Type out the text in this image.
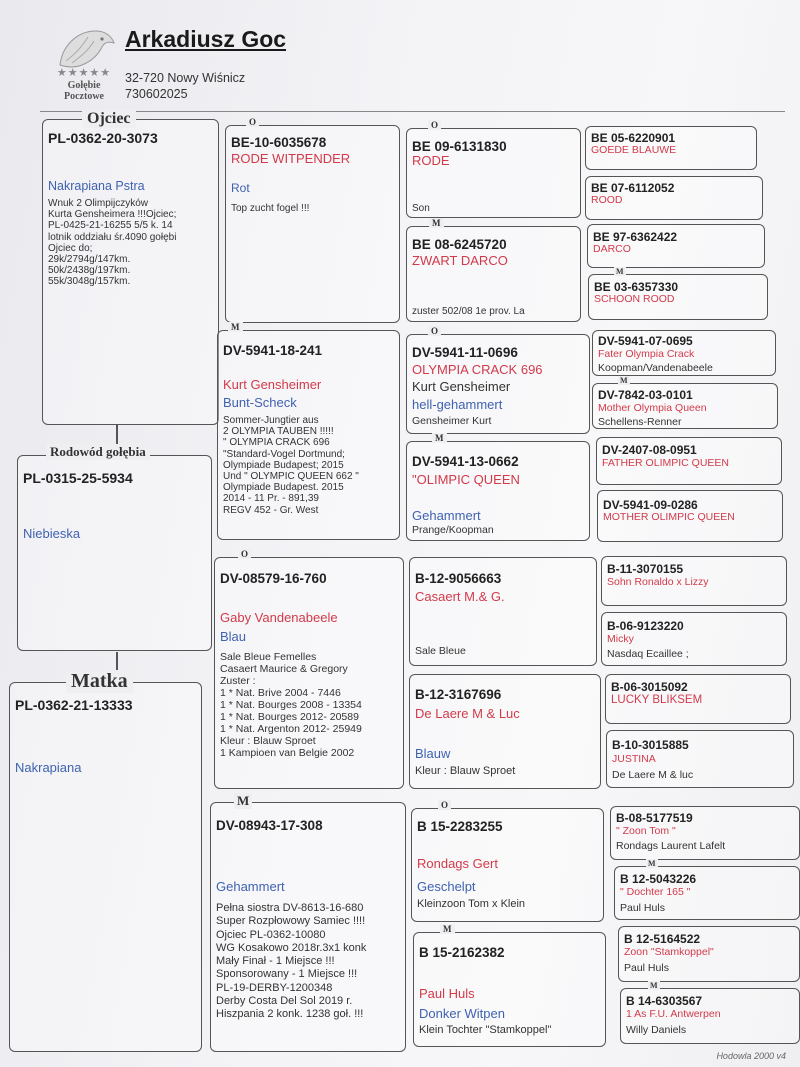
★★★★★
Gołębie
Pocztowe
Arkadiusz Goc
32-720 Nowy Wiśnicz
730602025
PL-0362-20-3073
Nakrapiana Pstra
Wnuk 2 Olimpijczyków
Kurta Gensheimera !!!Ojciec;
PL-0425-21-16255 5/5 k. 14
lotnik oddziału śr.4090 gołębi
Ojciec do;
29k/2794g/147km.
50k/2438g/197km.
55k/3048g/157km.
Ojciec
PL-0315-25-5934
Niebieska
Rodowód gołębia
PL-0362-21-13333
Nakrapiana
Matka
BE-10-6035678
RODE WITPENDER
Rot
Top zucht fogel !!!
O
DV-5941-18-241
Kurt Gensheimer
Bunt-Scheck
Sommer-Jungtier aus
2 OLYMPIA TAUBEN !!!!!
" OLYMPIA CRACK 696
"Standard-Vogel Dortmund;
Olympiade Budapest; 2015
Und " OLYMPIC QUEEN 662 "
Olympiade Budapest. 2015
2014 - 11 Pr. - 891,39
REGV 452 - Gr. West
M
DV-08579-16-760
Gaby Vandenabeele
Blau
Sale Bleue Femelles
Casaert Maurice & Gregory
Zuster :
1 * Nat. Brive 2004 - 7446
1 * Nat. Bourges 2008 - 13354
1 * Nat. Bourges 2012- 20589
1 * Nat. Argenton 2012- 25949
Kleur : Blauw Sproet
1 Kampioen van Belgie 2002
O
DV-08943-17-308
Gehammert
Pełna siostra DV-8613-16-680
Super Rozpłowowy Samiec !!!!
Ojciec PL-0362-10080
WG Kosakowo 2018r.3x1 konk
Mały Finał - 1 Miejsce !!!
Sponsorowany - 1 Miejsce !!!
PL-19-DERBY-1200348
Derby Costa Del Sol 2019 r.
Hiszpania 2 konk. 1238 goł. !!!
M
BE 09-6131830
RODE
Son
O
BE 08-6245720
ZWART DARCO
zuster 502/08 1e prov. La
M
DV-5941-11-0696
OLYMPIA CRACK 696
Kurt Gensheimer
hell-gehammert
Gensheimer Kurt
O
DV-5941-13-0662
"OLIMPIC QUEEN
Gehammert
Prange/Koopman
M
B-12-9056663
Casaert M.& G.
Sale Bleue
B-12-3167696
De Laere M & Luc
Blauw
Kleur : Blauw Sproet
B 15-2283255
Rondags Gert
Geschelpt
Kleinzoon Tom x Klein
O
B 15-2162382
Paul Huls
Donker Witpen
Klein Tochter "Stamkoppel"
M
BE 05-6220901
GOEDE BLAUWE
BE 07-6112052
ROOD
BE 97-6362422
DARCO
BE 03-6357330
SCHOON ROOD
M
DV-5941-07-0695
Fater Olympia Crack
Koopman/Vandenabeele
DV-7842-03-0101
Mother Olympia Queen
Schellens-Renner
M
DV-2407-08-0951
FATHER OLIMPIC QUEEN
DV-5941-09-0286
MOTHER OLIMPIC QUEEN
B-11-3070155
Sohn Ronaldo x Lizzy
B-06-9123220
Micky
Nasdaq Ecaillee ;
B-06-3015092
LUCKY BLIKSEM
B-10-3015885
JUSTINA
De Laere M & luc
B-08-5177519
" Zoon Tom "
Rondags Laurent Lafelt
B 12-5043226
" Dochter 165 "
Paul Huls
M
B 12-5164522
Zoon "Stamkoppel"
Paul Huls
B 14-6303567
1 As F.U. Antwerpen
Willy Daniels
M
Hodowla 2000 v4
